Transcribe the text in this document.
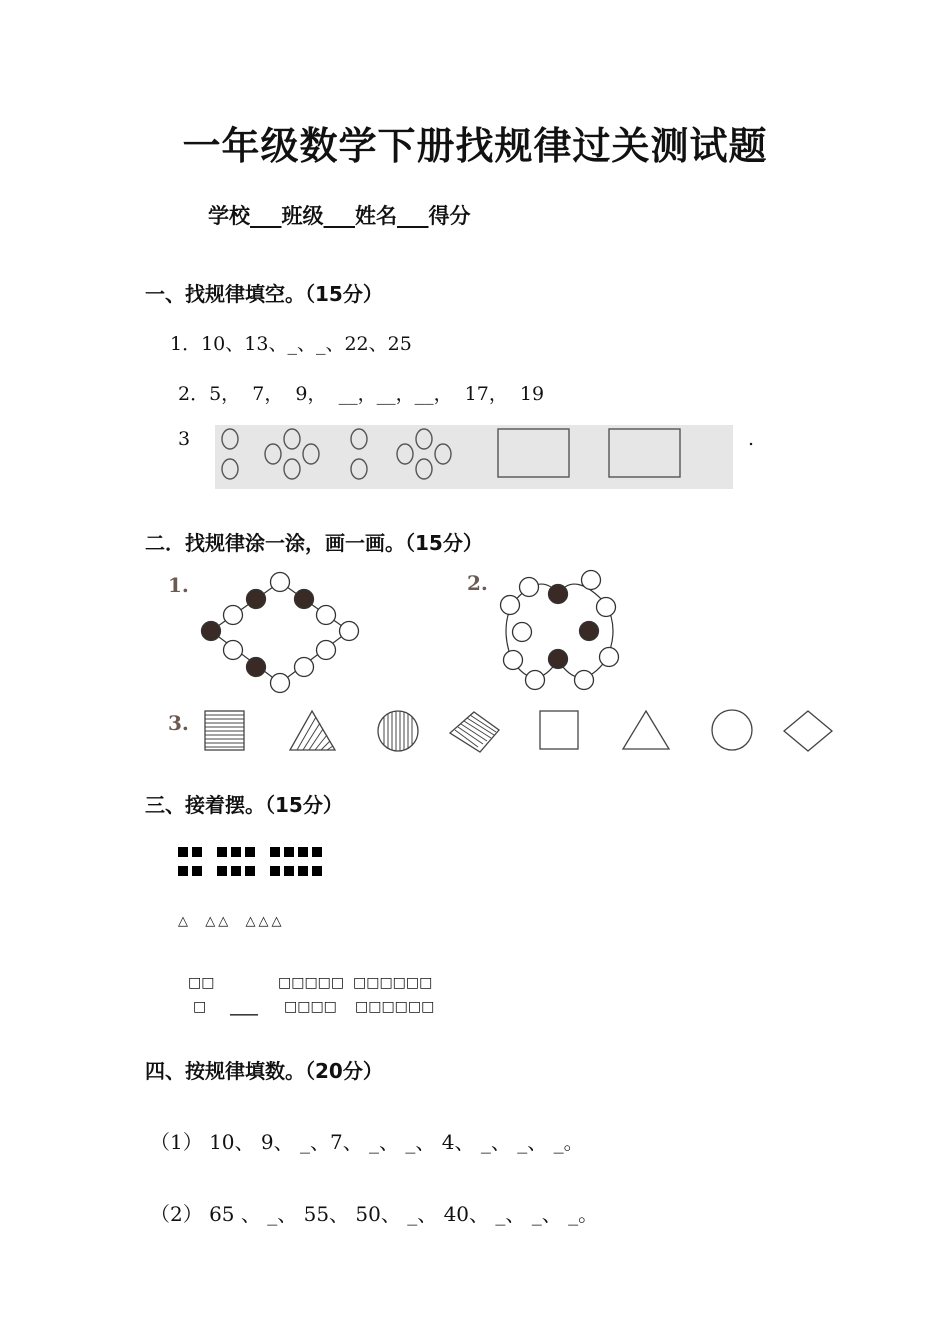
一年级数学下册找规律过关测试题
学校___班级___姓名___得分
一、找规律填空。（15分）
1．10、13、_、_、22、25
2．5，  7，  9，  __，__，__，  17，  19
3	.
二．找规律涂一涂，画一画。（15分）
1.	2.
3.
三、接着摆。（15分）
△  △△  △△△
□□	□□□□□ □□□□□□
□ ____ □□□□ □□□□□□
四、按规律填数。（20分）
（1） 10、 9、 _、7、 _、 _、 4、 _、 _、 _。
（2） 65 、 _、 55、 50、 _、 40、 _、 _、 _。
